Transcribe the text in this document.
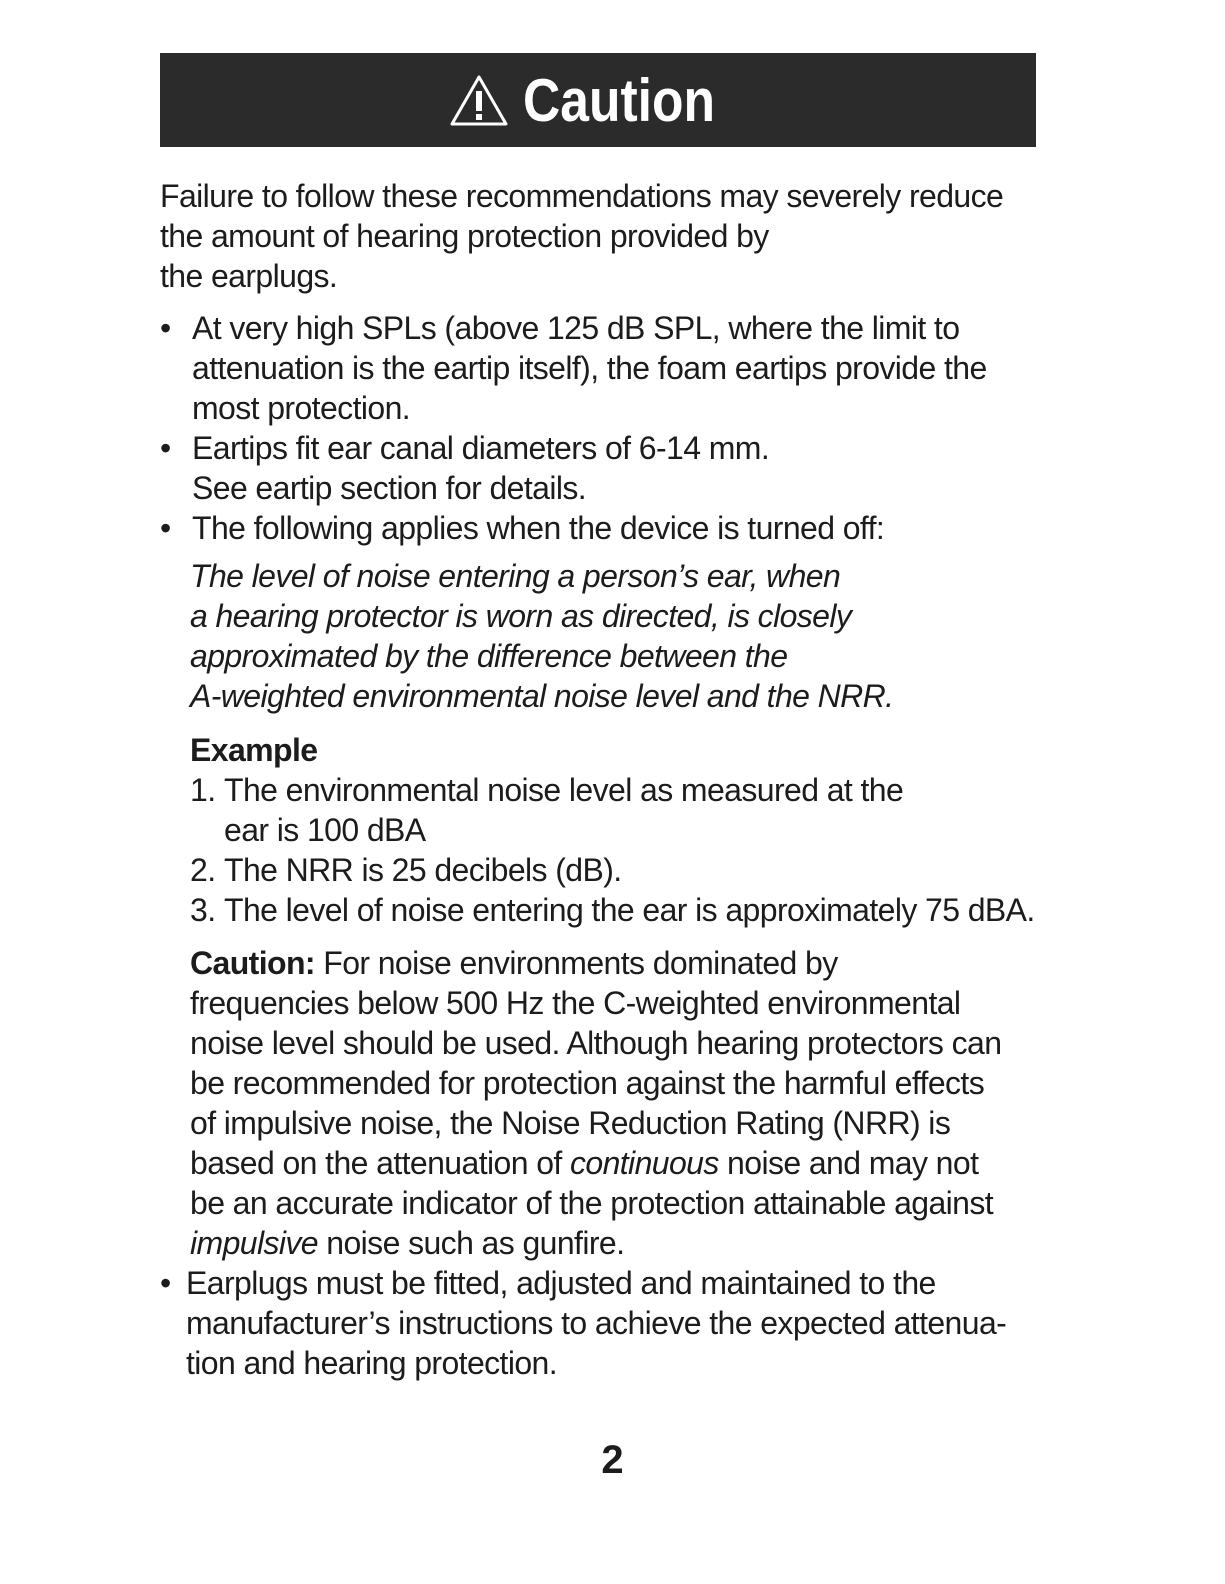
Caution
Failure to follow these recommendations may severely reduce
the amount of hearing protection provided by
the earplugs.
• At very high SPLs (above 125 dB SPL, where the limit to
attenuation is the eartip itself), the foam eartips provide the
most protection.
• Eartips fit ear canal diameters of 6-14 mm.
See eartip section for details.
• The following applies when the device is turned off:
The level of noise entering a person’s ear, when
a hearing protector is worn as directed, is closely
approximated by the difference between the
A-weighted environmental noise level and the NRR.
Example
1. The environmental noise level as measured at the
ear is 100 dBA
2. The NRR is 25 decibels (dB).
3. The level of noise entering the ear is approximately 75 dBA.
Caution: For noise environments dominated by
frequencies below 500 Hz the C-weighted environmental
noise level should be used. Although hearing protectors can
be recommended for protection against the harmful effects
of impulsive noise, the Noise Reduction Rating (NRR) is
based on the attenuation of continuous noise and may not
be an accurate indicator of the protection attainable against
impulsive noise such as gunfire.
• Earplugs must be fitted, adjusted and maintained to the
manufacturer’s instructions to achieve the expected attenua-
tion and hearing protection.
2
